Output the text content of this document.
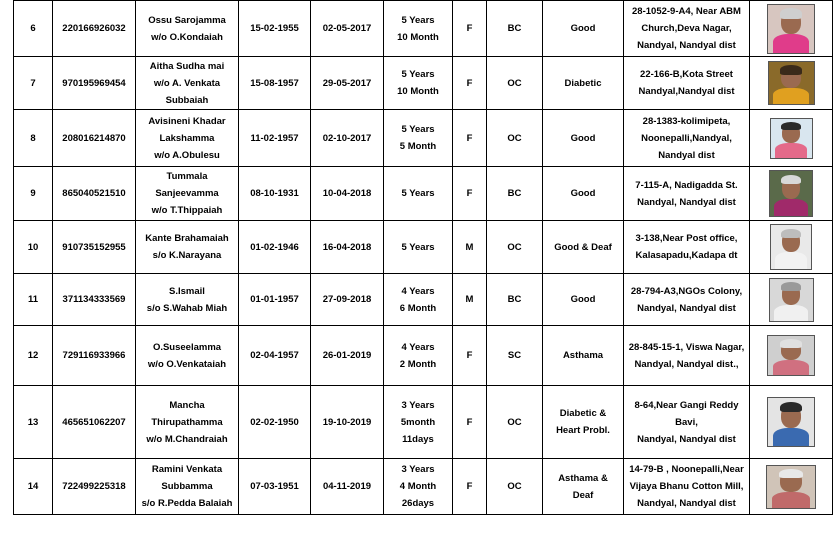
6	220166926032	Ossu Sarojamma
w/o O.Kondaiah	15-02-1955	02-05-2017	5 Years
10 Month	F	BC	Good	28-1052-9-A4, Near ABM
Church,Deva Nagar,
Nandyal, Nandyal dist	

7	970195969454	Aitha Sudha mai
w/o A. Venkata
Subbaiah	15-08-1957	29-05-2017	5 Years
10 Month	F	OC	Diabetic	22-166-B,Kota Street
Nandyal,Nandyal dist	

8	208016214870	Avisineni Khadar
Lakshamma
w/o A.Obulesu	11-02-1957	02-10-2017	5 Years
5 Month	F	OC	Good	28-1383-kolimipeta,
Noonepalli,Nandyal,
Nandyal dist	

9	865040521510	Tummala
Sanjeevamma
w/o T.Thippaiah	08-10-1931	10-04-2018	5 Years	F	BC	Good	7-115-A, Nadigadda St.
Nandyal, Nandyal dist	

10	910735152955	Kante Brahamaiah
s/o K.Narayana	01-02-1946	16-04-2018	5 Years	M	OC	Good & Deaf	3-138,Near Post office,
Kalasapadu,Kadapa dt	

11	371134333569	S.Ismail
s/o S.Wahab Miah	01-01-1957	27-09-2018	4 Years
6 Month	M	BC	Good	28-794-A3,NGOs Colony,
Nandyal, Nandyal dist	

12	729116933966	O.Suseelamma
w/o O.Venkataiah	02-04-1957	26-01-2019	4 Years
2 Month	F	SC	Asthama	28-845-15-1, Viswa Nagar,
Nandyal, Nandyal dist.,	

13	465651062207	Mancha
Thirupathamma
w/o M.Chandraiah	02-02-1950	19-10-2019	3 Years
5month
11days	F	OC	Diabetic &
Heart Probl.	8-64,Near Gangi Reddy Bavi,
Nandyal, Nandyal dist	

14	722499225318	Ramini Venkata
Subbamma
s/o R.Pedda Balaiah	07-03-1951	04-11-2019	3 Years
4 Month
26days	F	OC	Asthama &
Deaf	14-79-B , Noonepalli,Near
Vijaya Bhanu Cotton Mill,
Nandyal, Nandyal dist	
